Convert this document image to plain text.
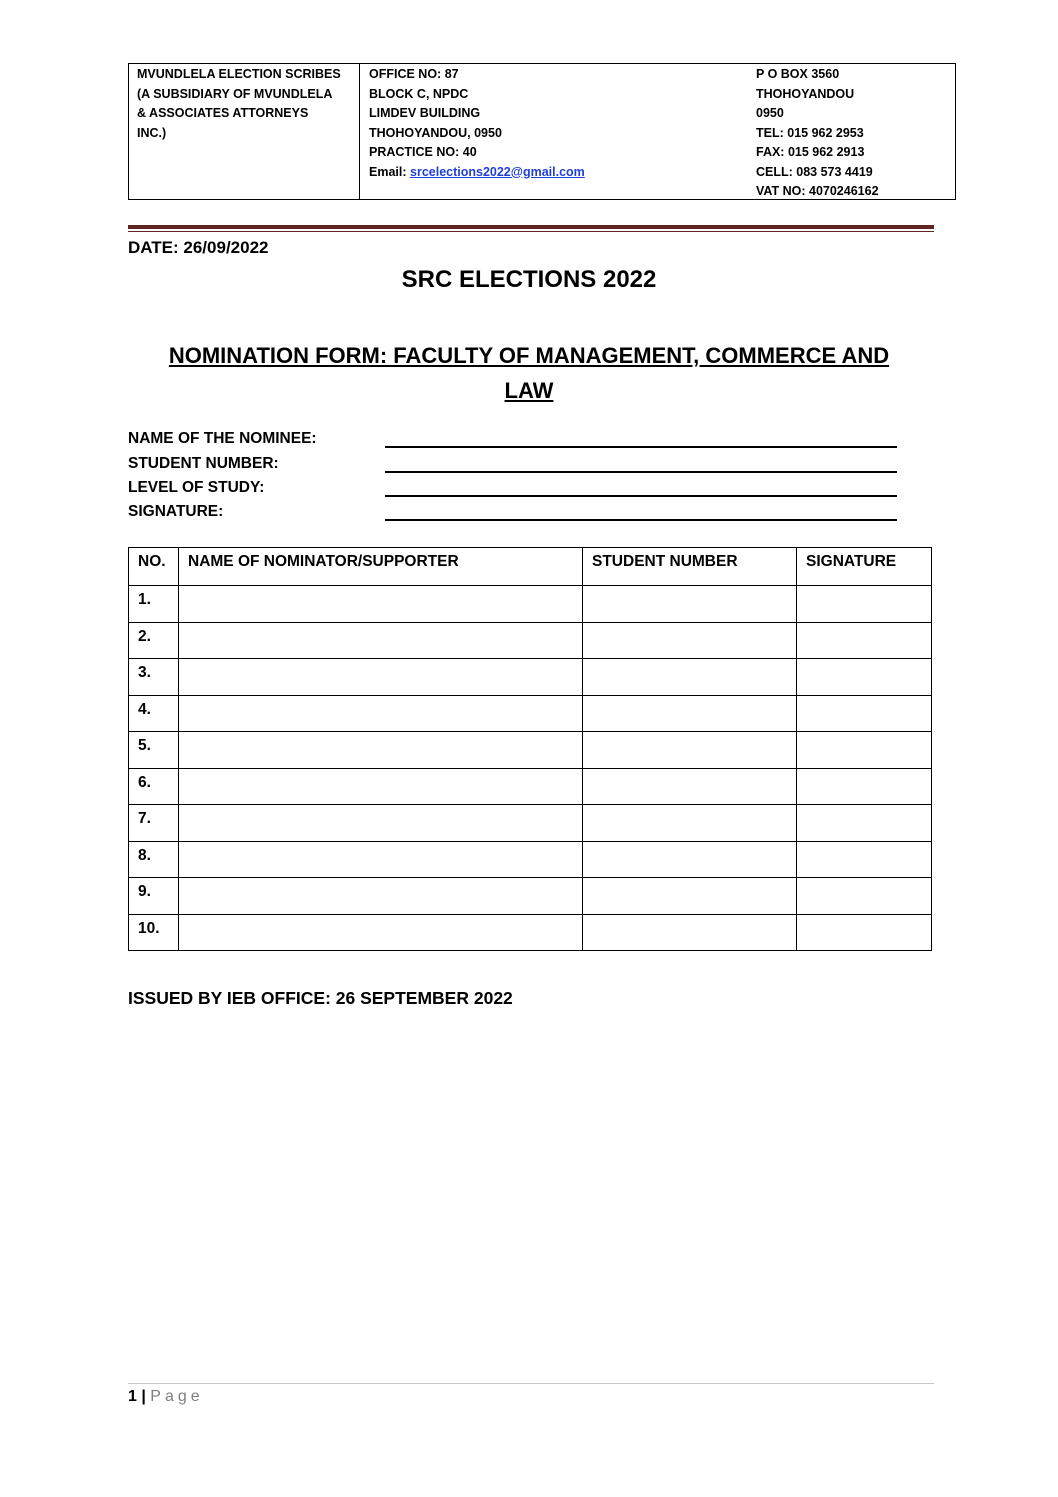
MVUNDLELA ELECTION SCRIBES
(A SUBSIDIARY OF MVUNDLELA
& ASSOCIATES ATTORNEYS
INC.)
OFFICE NO: 87
BLOCK C, NPDC
LIMDEV BUILDING
THOHOYANDOU, 0950
PRACTICE NO: 40
Email: srcelections2022@gmail.com
P O BOX 3560
THOHOYANDOU
0950
TEL: 015 962 2953
FAX: 015 962 2913
CELL: 083 573 4419
VAT NO: 4070246162
DATE: 26/09/2022
SRC ELECTIONS 2022
NOMINATION FORM: FACULTY OF MANAGEMENT, COMMERCE AND LAW
NAME OF THE NOMINEE:
STUDENT NUMBER:
LEVEL OF STUDY:
SIGNATURE:
NO.	NAME OF NOMINATOR/SUPPORTER	STUDENT NUMBER	SIGNATURE
1.			
2.			
3.			
4.			
5.			
6.			
7.			
8.			
9.			
10.			
ISSUED BY IEB OFFICE: 26 SEPTEMBER 2022
1 | Page
